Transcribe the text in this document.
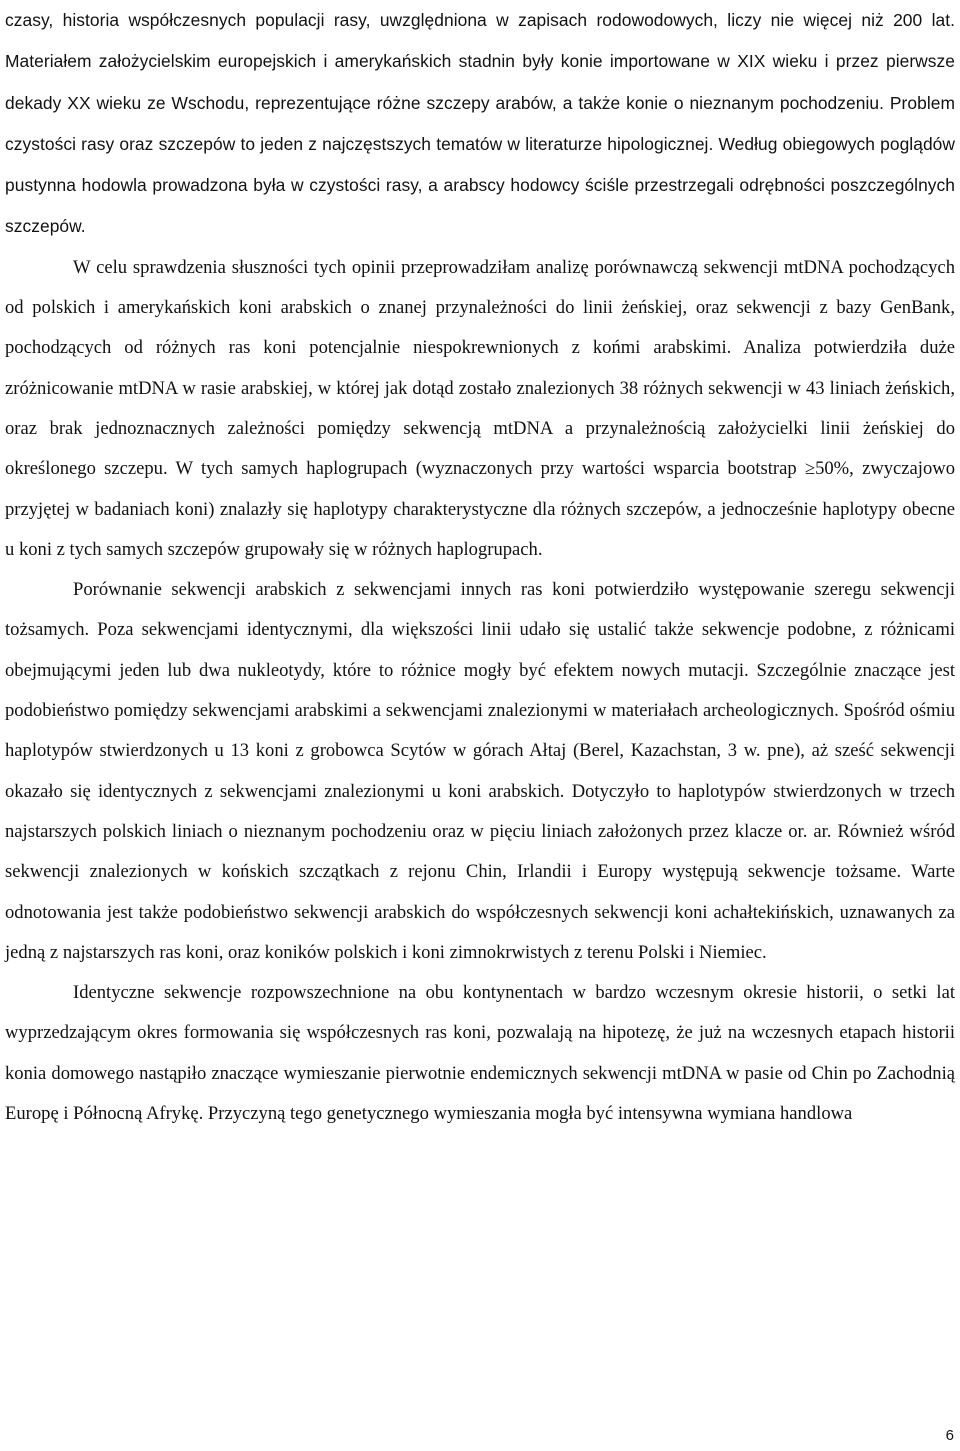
czasy, historia współczesnych populacji rasy, uwzględniona w zapisach rodowodowych, liczy nie więcej niż 200 lat. Materiałem założycielskim europejskich i amerykańskich stadnin były konie importowane w XIX wieku i przez pierwsze dekady XX wieku ze Wschodu, reprezentujące różne szczepy arabów, a także konie o nieznanym pochodzeniu. Problem czystości rasy oraz szczepów to jeden z najczęstszych tematów w literaturze hipologicznej. Według obiegowych poglądów pustynna hodowla prowadzona była w czystości rasy, a arabscy hodowcy ściśle przestrzegali odrębności poszczególnych szczepów.

W celu sprawdzenia słuszności tych opinii przeprowadziłam analizę porównawczą sekwencji mtDNA pochodzących od polskich i amerykańskich koni arabskich o znanej przynależności do linii żeńskiej, oraz sekwencji z bazy GenBank, pochodzących od różnych ras koni potencjalnie niespokrewnionych z końmi arabskimi. Analiza potwierdziła duże zróżnicowanie mtDNA w rasie arabskiej, w której jak dotąd zostało znalezionych 38 różnych sekwencji w 43 liniach żeńskich, oraz brak jednoznacznych zależności pomiędzy sekwencją mtDNA a przynależnością założycielki linii żeńskiej do określonego szczepu. W tych samych haplogrupach (wyznaczonych przy wartości wsparcia bootstrap ≥50%, zwyczajowo przyjętej w badaniach koni) znalazły się haplotypy charakterystyczne dla różnych szczepów, a jednocześnie haplotypy obecne u koni z tych samych szczepów grupowały się w różnych haplogrupach.

Porównanie sekwencji arabskich z sekwencjami innych ras koni potwierdziło występowanie szeregu sekwencji tożsamych. Poza sekwencjami identycznymi, dla większości linii udało się ustalić także sekwencje podobne, z różnicami obejmującymi jeden lub dwa nukleotydy, które to różnice mogły być efektem nowych mutacji. Szczególnie znaczące jest podobieństwo pomiędzy sekwencjami arabskimi a sekwencjami znalezionymi w materiałach archeologicznych. Spośród ośmiu haplotypów stwierdzonych u 13 koni z grobowca Scytów w górach Ałtaj (Berel, Kazachstan, 3 w. pne), aż sześć sekwencji okazało się identycznych z sekwencjami znalezionymi u koni arabskich. Dotyczyło to haplotypów stwierdzonych w trzech najstarszych polskich liniach o nieznanym pochodzeniu oraz w pięciu liniach założonych przez klacze or. ar. Również wśród sekwencji znalezionych w końskich szczątkach z rejonu Chin, Irlandii i Europy występują sekwencje tożsame. Warte odnotowania jest także podobieństwo sekwencji arabskich do współczesnych sekwencji koni achałtekińskich, uznawanych za jedną z najstarszych ras koni, oraz koników polskich i koni zimnokrwistych z terenu Polski i Niemiec.

Identyczne sekwencje rozpowszechnione na obu kontynentach w bardzo wczesnym okresie historii, o setki lat wyprzedzającym okres formowania się współczesnych ras koni, pozwalają na hipotezę, że już na wczesnych etapach historii konia domowego nastąpiło znaczące wymieszanie pierwotnie endemicznych sekwencji mtDNA w pasie od Chin po Zachodnią Europę i Północną Afrykę. Przyczyną tego genetycznego wymieszania mogła być intensywna wymiana handlowa

6
